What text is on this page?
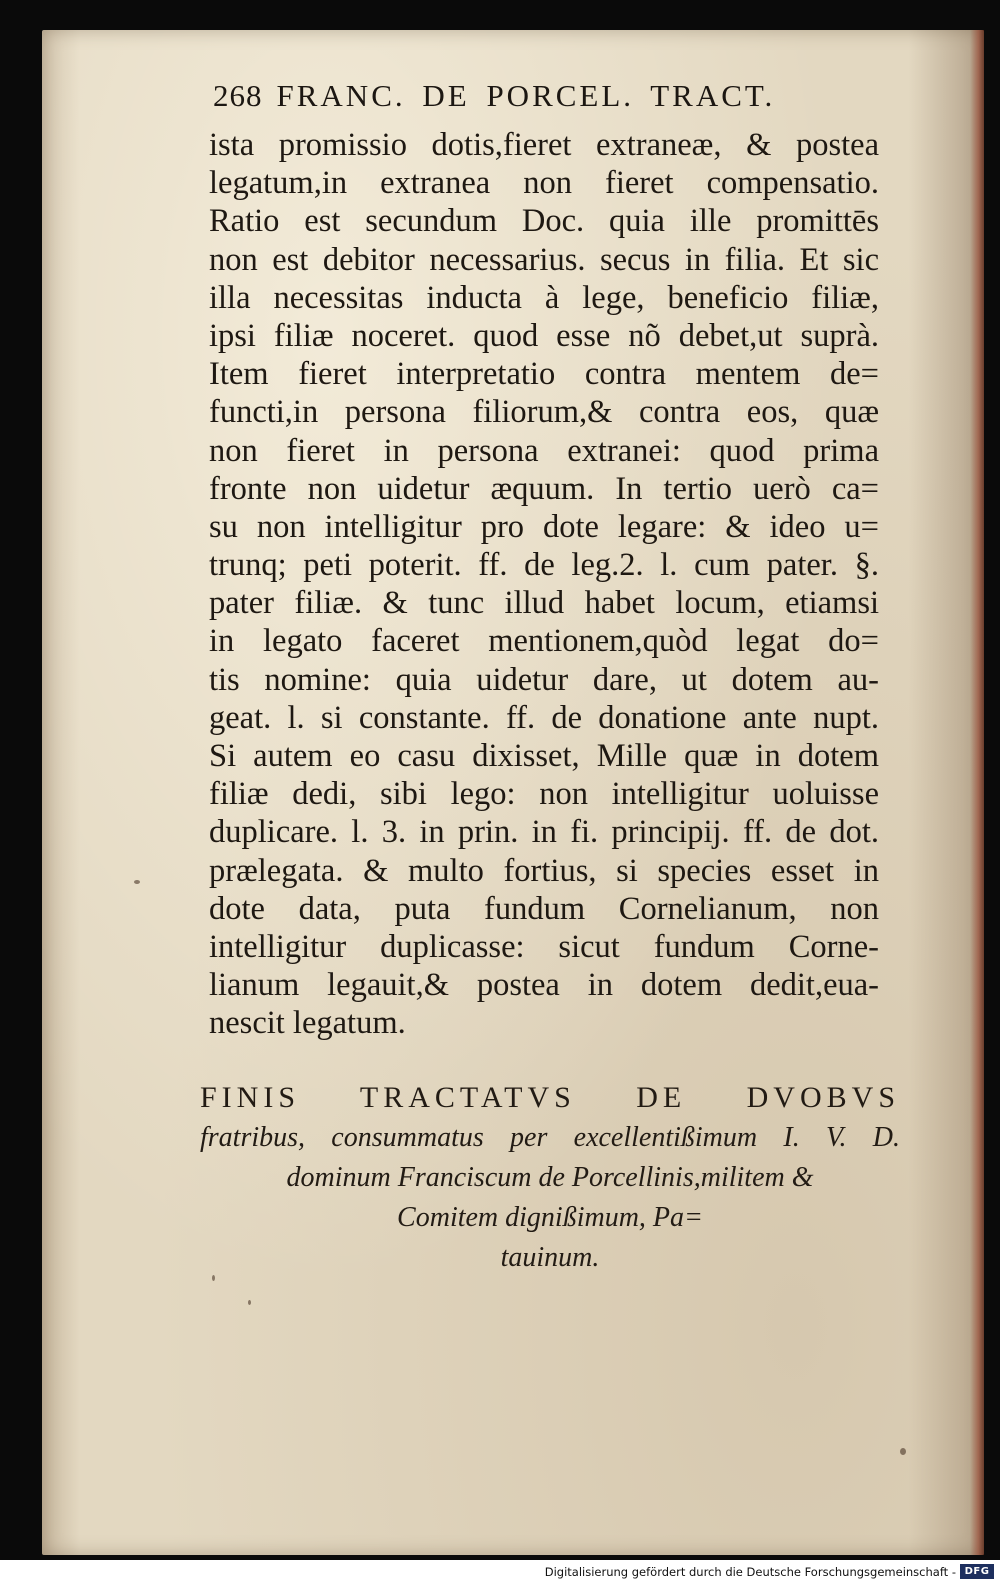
268 FRANC. DE PORCEL. TRACT.
ista promissio dotis,fieret extraneæ, & postea
legatum,in extranea non fieret compensatio.
Ratio est secundum Doc. quia ille promittēs
non est debitor necessarius. secus in filia. Et sic
illa necessitas inducta à lege, beneficio filiæ,
ipsi filiæ noceret. quod esse nõ debet,ut suprà.
Item fieret interpretatio contra mentem de=
functi,in persona filiorum,& contra eos, quæ
non fieret in persona extranei: quod prima
fronte non uidetur æquum. In tertio uerò ca=
su non intelligitur pro dote legare: & ideo u=
trunq; peti poterit. ff. de leg.2. l. cum pater. §.
pater filiæ. & tunc illud habet locum, etiamsi
in legato faceret mentionem,quòd legat do=
tis nomine: quia uidetur dare, ut dotem au-
geat. l. si constante. ff. de donatione ante nupt.
Si autem eo casu dixisset, Mille quæ in dotem
filiæ dedi, sibi lego: non intelligitur uoluisse
duplicare. l. 3. in prin. in fi. principij. ff. de dot.
prælegata. & multo fortius, si species esset in
dote data, puta fundum Cornelianum, non
intelligitur duplicasse: sicut fundum Corne-
lianum legauit,& postea in dotem dedit,eua-
nescit legatum.
FINIS TRACTATVS DE DVOBVS
fratribus, consummatus per excellentißimum I. V. D.
dominum Franciscum de Porcellinis,militem &
Comitem dignißimum, Pa=
tauinum.
Digitalisierung gefördert durch die Deutsche Forschungsgemeinschaft - DFG
